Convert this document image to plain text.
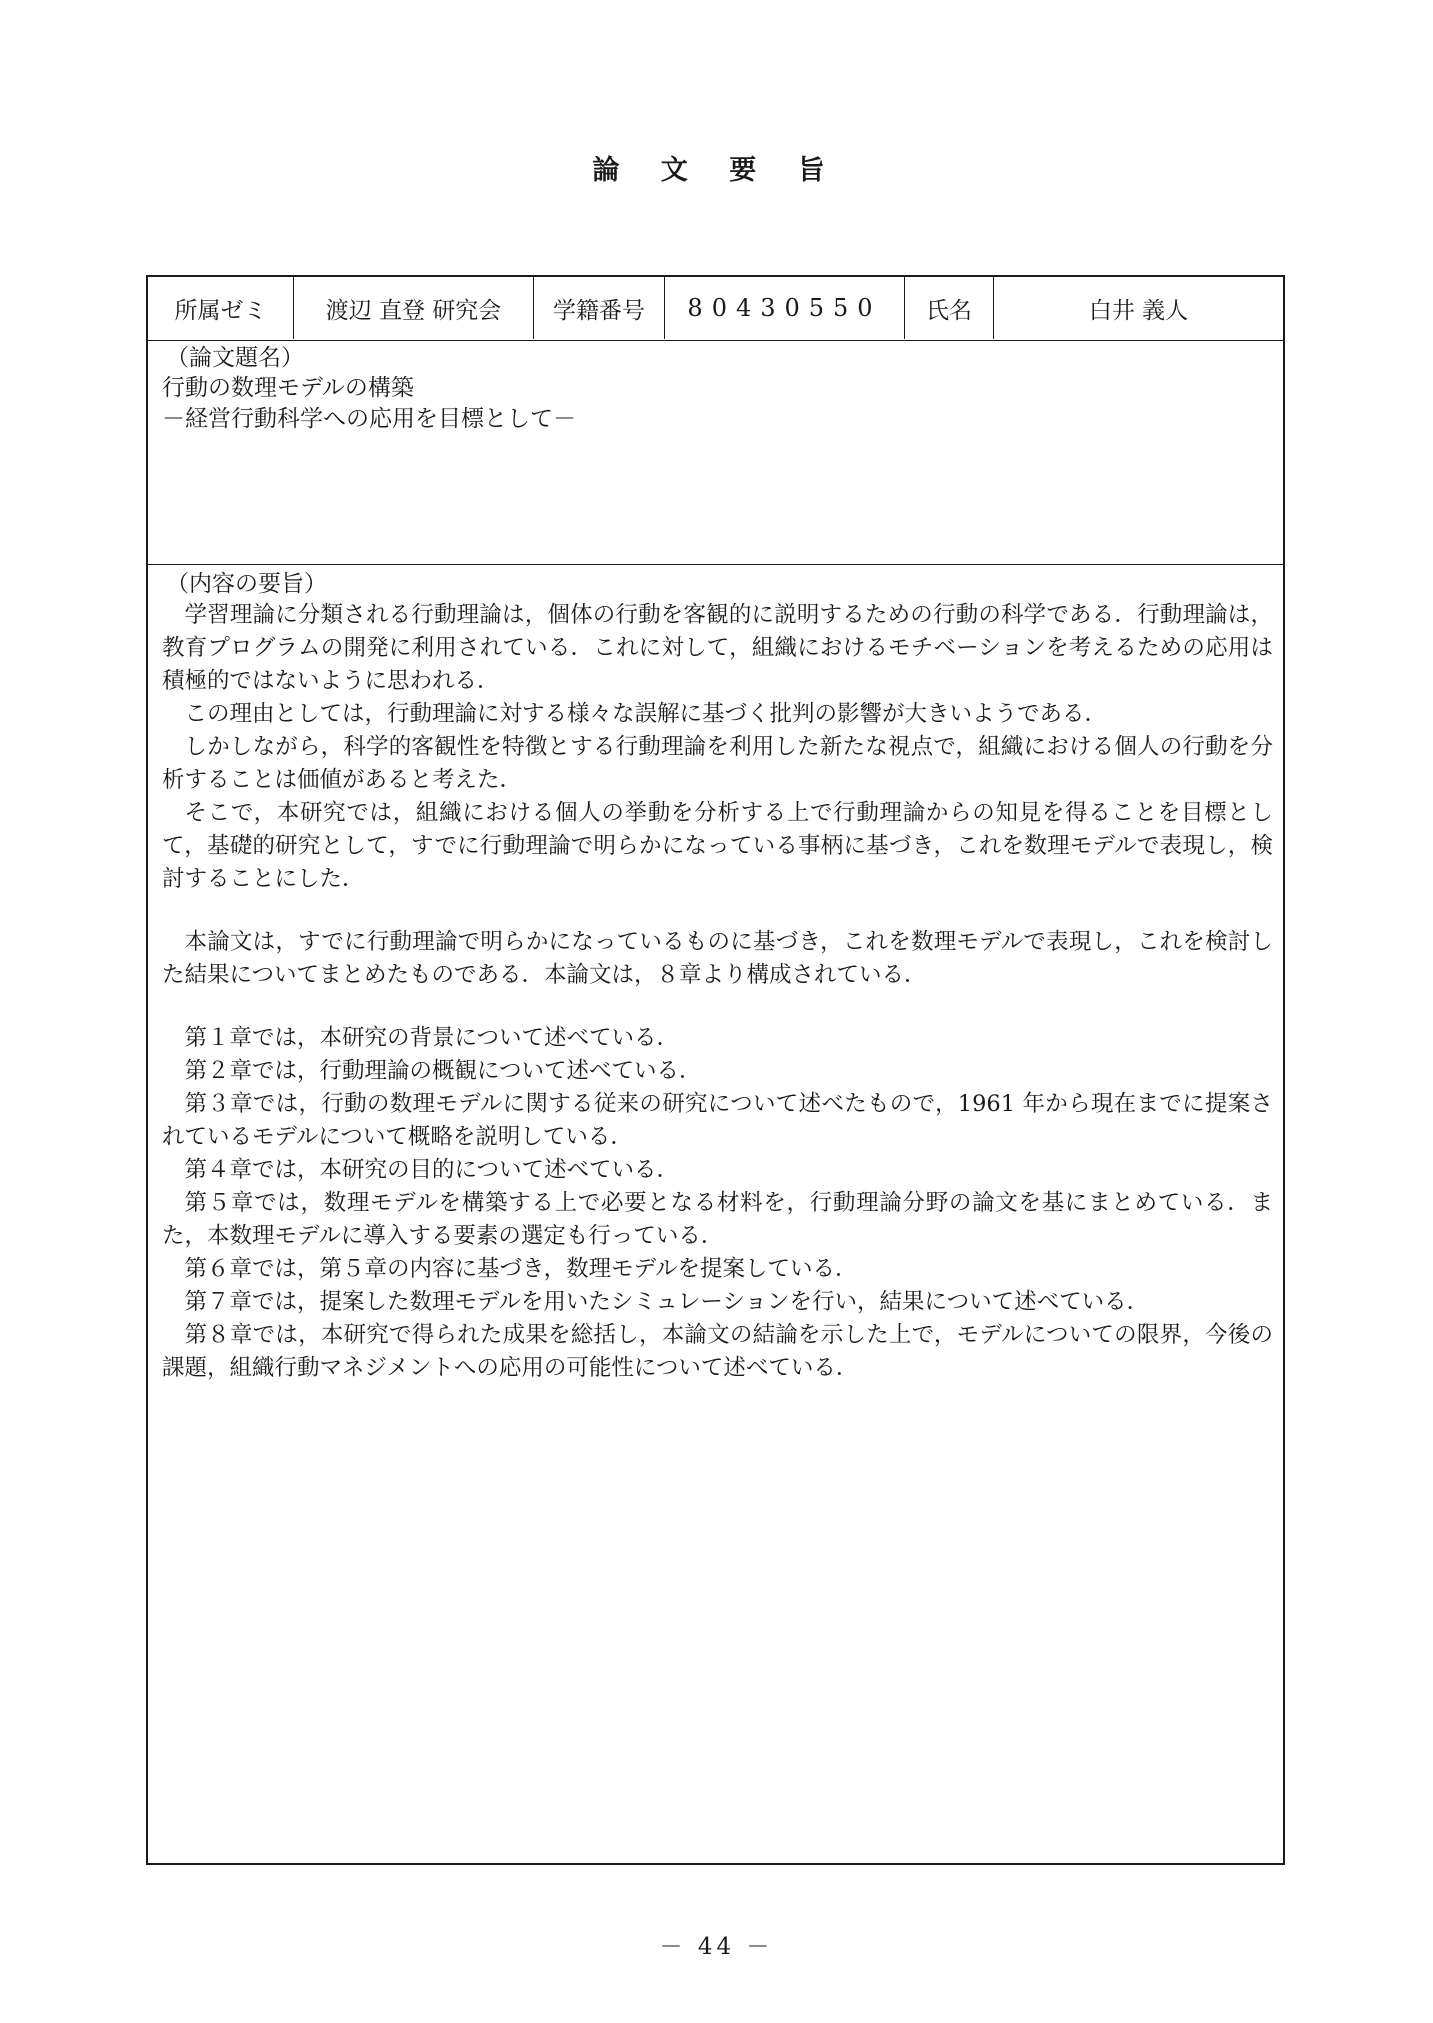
論 文 要 旨
所属ゼミ	渡辺 直登 研究会	学籍番号	80430550	氏名	白井 義人
（論文題名）
行動の数理モデルの構築
－経営行動科学への応用を目標として－
（内容の要旨）

学習理論に分類される行動理論は，個体の行動を客観的に説明するための行動の科学である．行動理論は，教育プログラムの開発に利用されている．これに対して，組織におけるモチベーションを考えるための応用は積極的ではないように思われる．

この理由としては，行動理論に対する様々な誤解に基づく批判の影響が大きいようである．

しかしながら，科学的客観性を特徴とする行動理論を利用した新たな視点で，組織における個人の行動を分析することは価値があると考えた．

そこで，本研究では，組織における個人の挙動を分析する上で行動理論からの知見を得ることを目標として，基礎的研究として，すでに行動理論で明らかになっている事柄に基づき，これを数理モデルで表現し，検討することにした．

本論文は，すでに行動理論で明らかになっているものに基づき，これを数理モデルで表現し，これを検討した結果についてまとめたものである．本論文は，８章より構成されている．

第１章では，本研究の背景について述べている．

第２章では，行動理論の概観について述べている．

第３章では，行動の数理モデルに関する従来の研究について述べたもので，1961 年から現在までに提案されているモデルについて概略を説明している．

第４章では，本研究の目的について述べている．

第５章では，数理モデルを構築する上で必要となる材料を，行動理論分野の論文を基にまとめている．また，本数理モデルに導入する要素の選定も行っている．

第６章では，第５章の内容に基づき，数理モデルを提案している．

第７章では，提案した数理モデルを用いたシミュレーションを行い，結果について述べている．

第８章では，本研究で得られた成果を総括し，本論文の結論を示した上で，モデルについての限界，今後の課題，組織行動マネジメントへの応用の可能性について述べている．

－ 44 －
